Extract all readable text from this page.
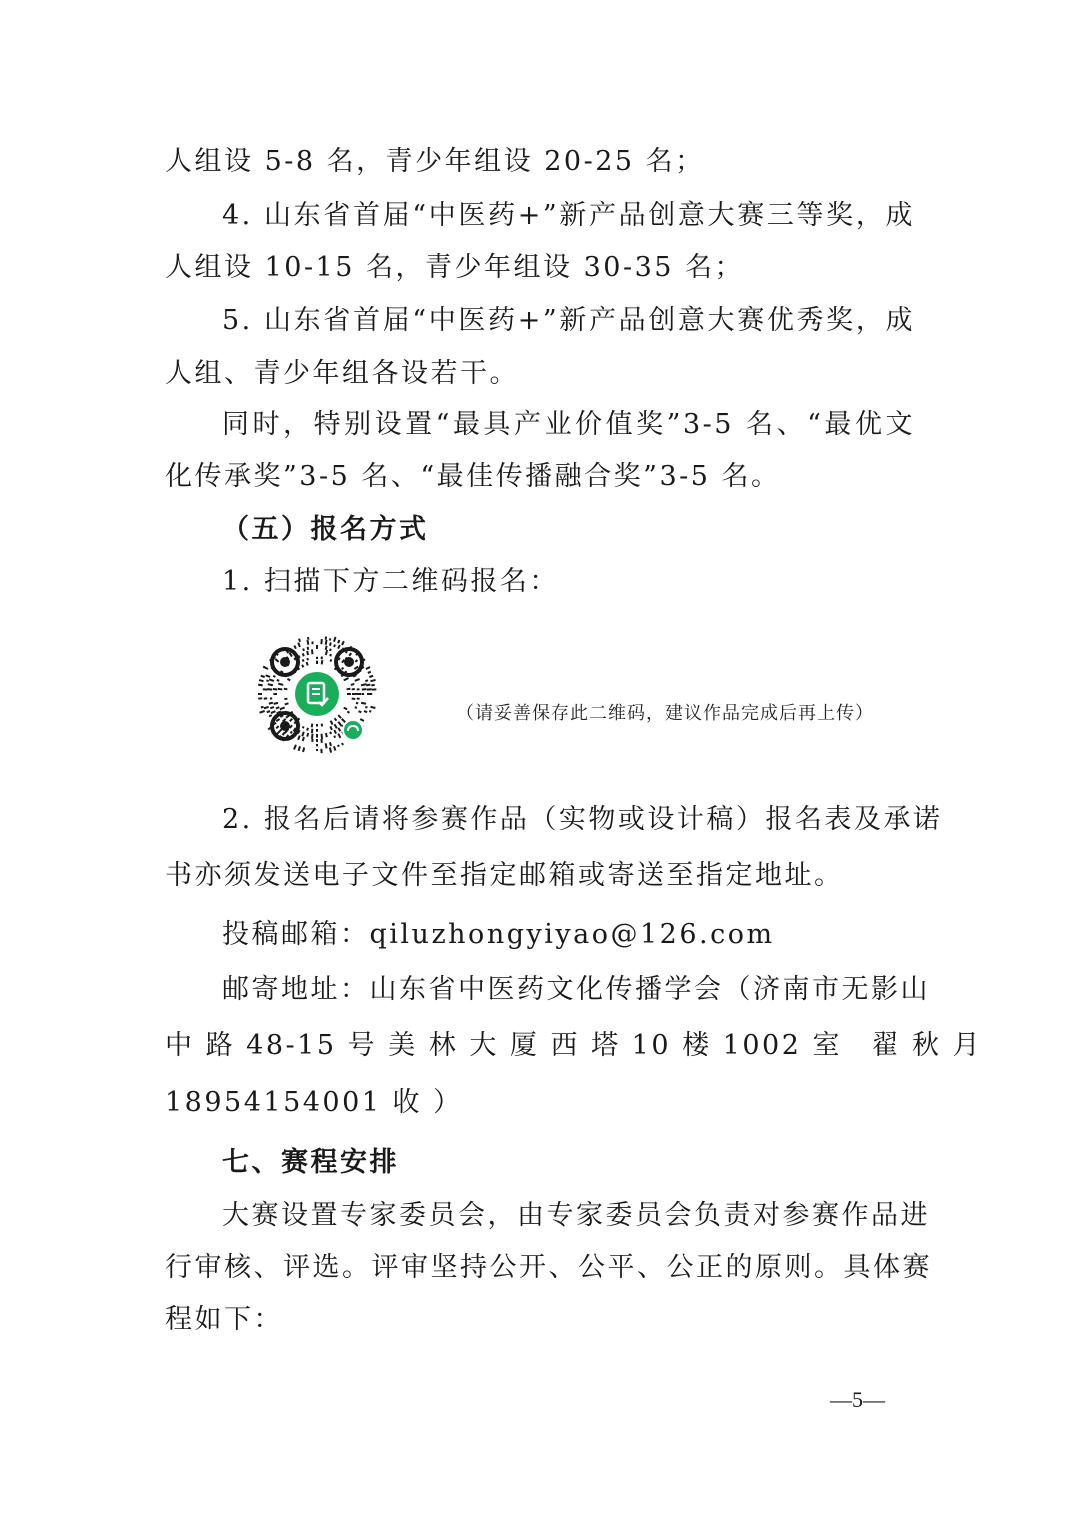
人组设 5-8 名，青少年组设 20-25 名；
4. 山东省首届“中医药+”新产品创意大赛三等奖，成
人组设 10-15 名，青少年组设 30-35 名；
5. 山东省首届“中医药+”新产品创意大赛优秀奖，成
人组、青少年组各设若干。
同时，特别设置“最具产业价值奖”3-5 名、“最优文
化传承奖”3-5 名、“最佳传播融合奖”3-5 名。
（五）报名方式
1. 扫描下方二维码报名：
（请妥善保存此二维码，建议作品完成后再上传）
2. 报名后请将参赛作品（实物或设计稿）报名表及承诺
书亦须发送电子文件至指定邮箱或寄送至指定地址。
投稿邮箱：qiluzhongyiyao@126.com
邮寄地址：山东省中医药文化传播学会（济南市无影山
中 路 48-15 号 美 林 大 厦 西 塔 10 楼 1002 室　翟 秋 月
18954154001 收 ）
七、赛程安排
大赛设置专家委员会，由专家委员会负责对参赛作品进
行审核、评选。评审坚持公开、公平、公正的原则。具体赛
程如下：
—5—
